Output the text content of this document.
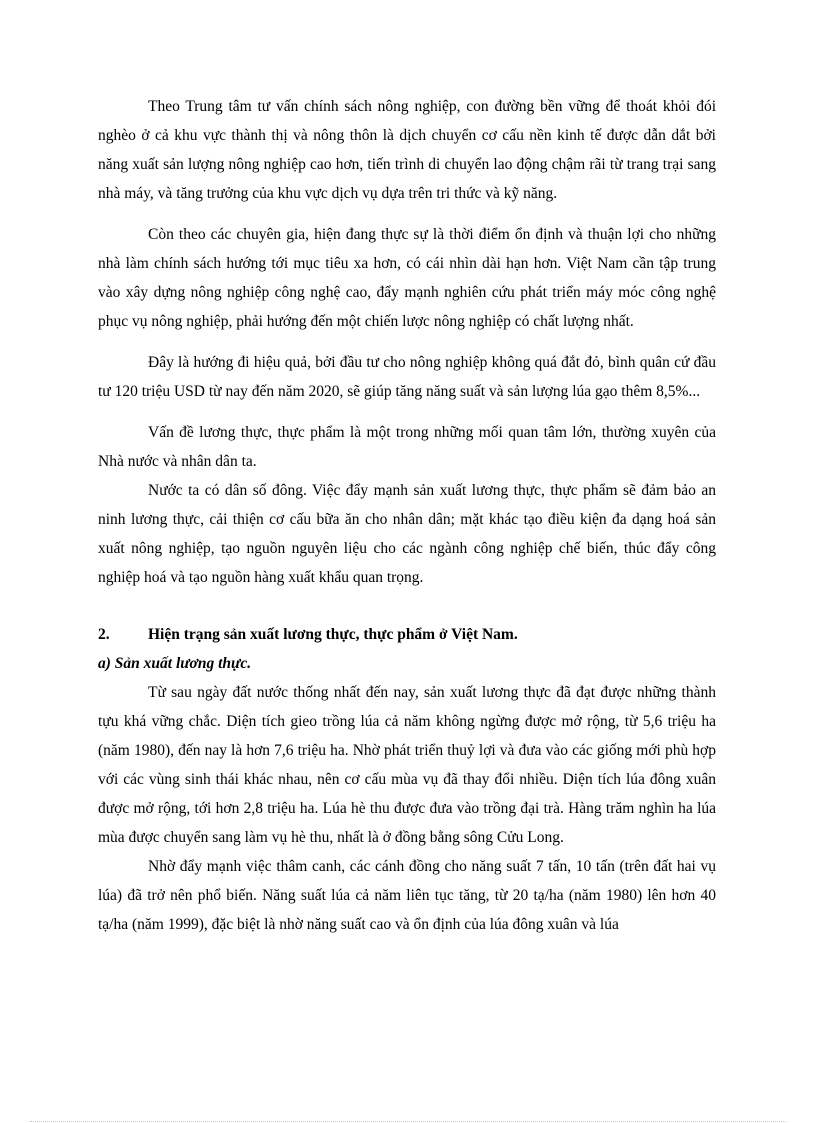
Theo Trung tâm tư vấn chính sách nông nghiệp, con đường bền vững để thoát khỏi đói nghèo ở cả khu vực thành thị và nông thôn là dịch chuyển cơ cấu nền kinh tế được dẫn dắt bởi năng xuất sản lượng nông nghiệp cao hơn, tiến trình di chuyển lao động chậm rãi từ trang trại sang nhà máy, và tăng trưởng của khu vực dịch vụ dựa trên tri thức và kỹ năng.

Còn theo các chuyên gia, hiện đang thực sự là thời điểm ổn định và thuận lợi cho những nhà làm chính sách hướng tới mục tiêu xa hơn, có cái nhìn dài hạn hơn. Việt Nam cần tập trung vào xây dựng nông nghiệp công nghệ cao, đẩy mạnh nghiên cứu phát triển máy móc công nghệ phục vụ nông nghiệp, phải hướng đến một chiến lược nông nghiệp có chất lượng nhất.

Đây là hướng đi hiệu quả, bởi đầu tư cho nông nghiệp không quá đắt đỏ, bình quân cứ đầu tư 120 triệu USD từ nay đến năm 2020, sẽ giúp tăng năng suất và sản lượng lúa gạo thêm 8,5%...

Vấn đề lương thực, thực phẩm là một trong những mối quan tâm lớn, thường xuyên của Nhà nước và nhân dân ta.

Nước ta có dân số đông. Việc đẩy mạnh sản xuất lương thực, thực phẩm sẽ đảm bảo an ninh lương thực, cải thiện cơ cấu bữa ăn cho nhân dân; mặt khác tạo điều kiện đa dạng hoá sản xuất nông nghiệp, tạo nguồn nguyên liệu cho các ngành công nghiệp chế biến, thúc đẩy công nghiệp hoá và tạo nguồn hàng xuất khẩu quan trọng.

2.	Hiện trạng sản xuất lương thực, thực phẩm ở Việt Nam.
a) Sản xuất lương thực.

Từ sau ngày đất nước thống nhất đến nay, sản xuất lương thực đã đạt được những thành tựu khá vững chắc. Diện tích gieo trồng lúa cả năm không ngừng được mở rộng, từ 5,6 triệu ha (năm 1980), đến nay là hơn 7,6 triệu ha. Nhờ phát triển thuỷ lợi và đưa vào các giống mới phù hợp với các vùng sinh thái khác nhau, nên cơ cấu mùa vụ đã thay đổi nhiều. Diện tích lúa đông xuân được mở rộng, tới hơn 2,8 triệu ha. Lúa hè thu được đưa vào trồng đại trà. Hàng trăm nghìn ha lúa mùa được chuyển sang làm vụ hè thu, nhất là ở đồng bằng sông Cửu Long.

Nhờ đẩy mạnh việc thâm canh, các cánh đồng cho năng suất 7 tấn, 10 tấn (trên đất hai vụ lúa) đã trở nên phổ biến. Năng suất lúa cả năm liên tục tăng, từ 20 tạ/ha (năm 1980) lên hơn 40 tạ/ha (năm 1999), đặc biệt là nhờ năng suất cao và ổn định của lúa đông xuân và lúa
